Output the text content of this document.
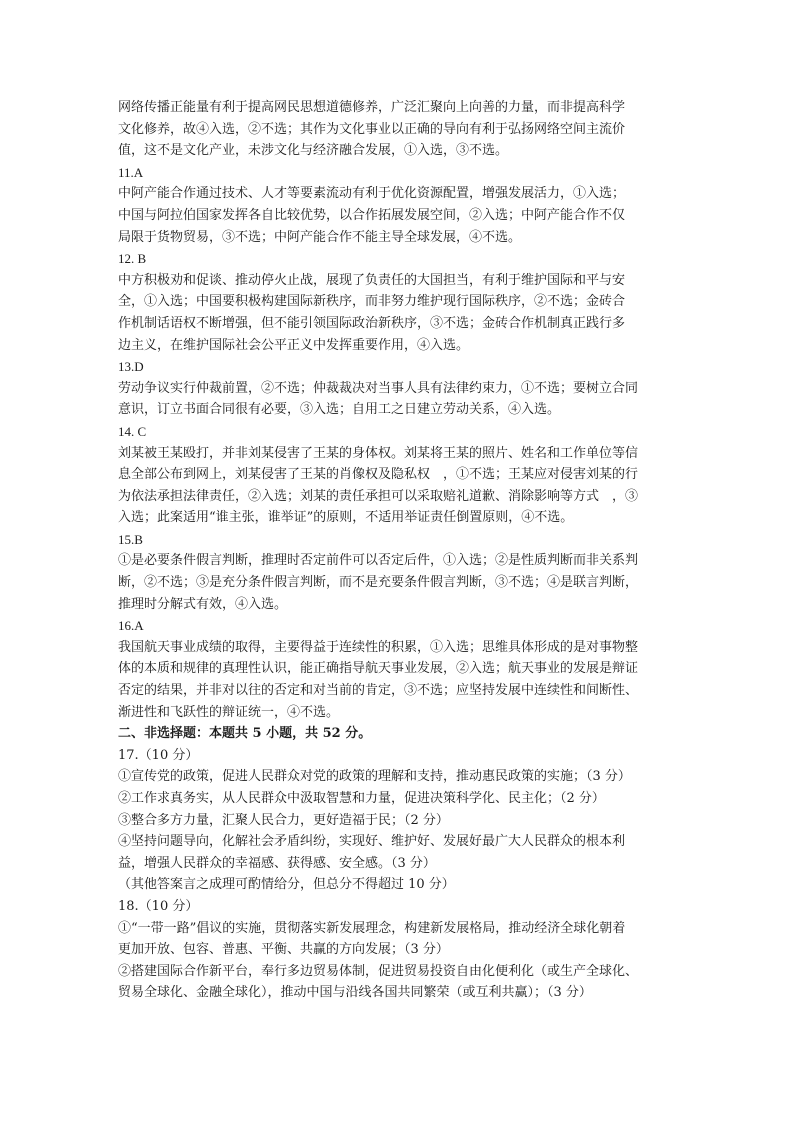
网络传播正能量有利于提高网民思想道德修养，广泛汇聚向上向善的力量，而非提高科学
文化修养，故④入选，②不选；其作为文化事业以正确的导向有利于弘扬网络空间主流价
值，这不是文化产业，未涉文化与经济融合发展，①入选，③不选。
11.A
中阿产能合作通过技术、人才等要素流动有利于优化资源配置，增强发展活力，①入选；
中国与阿拉伯国家发挥各自比较优势，以合作拓展发展空间，②入选；中阿产能合作不仅
局限于货物贸易，③不选；中阿产能合作不能主导全球发展，④不选。
12. B
中方积极劝和促谈、推动停火止战，展现了负责任的大国担当，有利于维护国际和平与安
全，①入选；中国要积极构建国际新秩序，而非努力维护现行国际秩序，②不选；金砖合
作机制话语权不断增强，但不能引领国际政治新秩序，③不选；金砖合作机制真正践行多
边主义，在维护国际社会公平正义中发挥重要作用，④入选。
13.D
劳动争议实行仲裁前置，②不选；仲裁裁决对当事人具有法律约束力，①不选；要树立合同
意识，订立书面合同很有必要，③入选；自用工之日建立劳动关系，④入选。
14. C
刘某被王某殴打，并非刘某侵害了王某的身体权。刘某将王某的照片、姓名和工作单位等信
息全部公布到网上，刘某侵害了王某的肖像权及隐私权　，①不选；王某应对侵害刘某的行
为依法承担法律责任，②入选；刘某的责任承担可以采取赔礼道歉、消除影响等方式　，③
入选；此案适用“谁主张，谁举证”的原则，不适用举证责任倒置原则，④不选。
15.B
①是必要条件假言判断，推理时否定前件可以否定后件，①入选；②是性质判断而非关系判
断，②不选；③是充分条件假言判断，而不是充要条件假言判断，③不选；④是联言判断，
推理时分解式有效，④入选。
16.A
我国航天事业成绩的取得，主要得益于连续性的积累，①入选；思维具体形成的是对事物整
体的本质和规律的真理性认识，能正确指导航天事业发展，②入选；航天事业的发展是辩证
否定的结果，并非对以往的否定和对当前的肯定，③不选；应坚持发展中连续性和间断性、
渐进性和飞跃性的辩证统一，④不选。
二、非选择题：本题共 5 小题，共 52 分。
17.（10 分）
①宣传党的政策，促进人民群众对党的政策的理解和支持，推动惠民政策的实施；（3 分）
②工作求真务实，从人民群众中汲取智慧和力量，促进决策科学化、民主化；（2 分）
③整合多方力量，汇聚人民合力，更好造福于民；（2 分）
④坚持问题导向，化解社会矛盾纠纷，实现好、维护好、发展好最广大人民群众的根本利
益，增强人民群众的幸福感、获得感、安全感。（3 分）
（其他答案言之成理可酌情给分，但总分不得超过 10 分）
18.（10 分）
①“一带一路”倡议的实施，贯彻落实新发展理念，构建新发展格局，推动经济全球化朝着
更加开放、包容、普惠、平衡、共赢的方向发展；（3 分）
②搭建国际合作新平台，奉行多边贸易体制，促进贸易投资自由化便利化（或生产全球化、
贸易全球化、金融全球化），推动中国与沿线各国共同繁荣（或互利共赢）；（3 分）
